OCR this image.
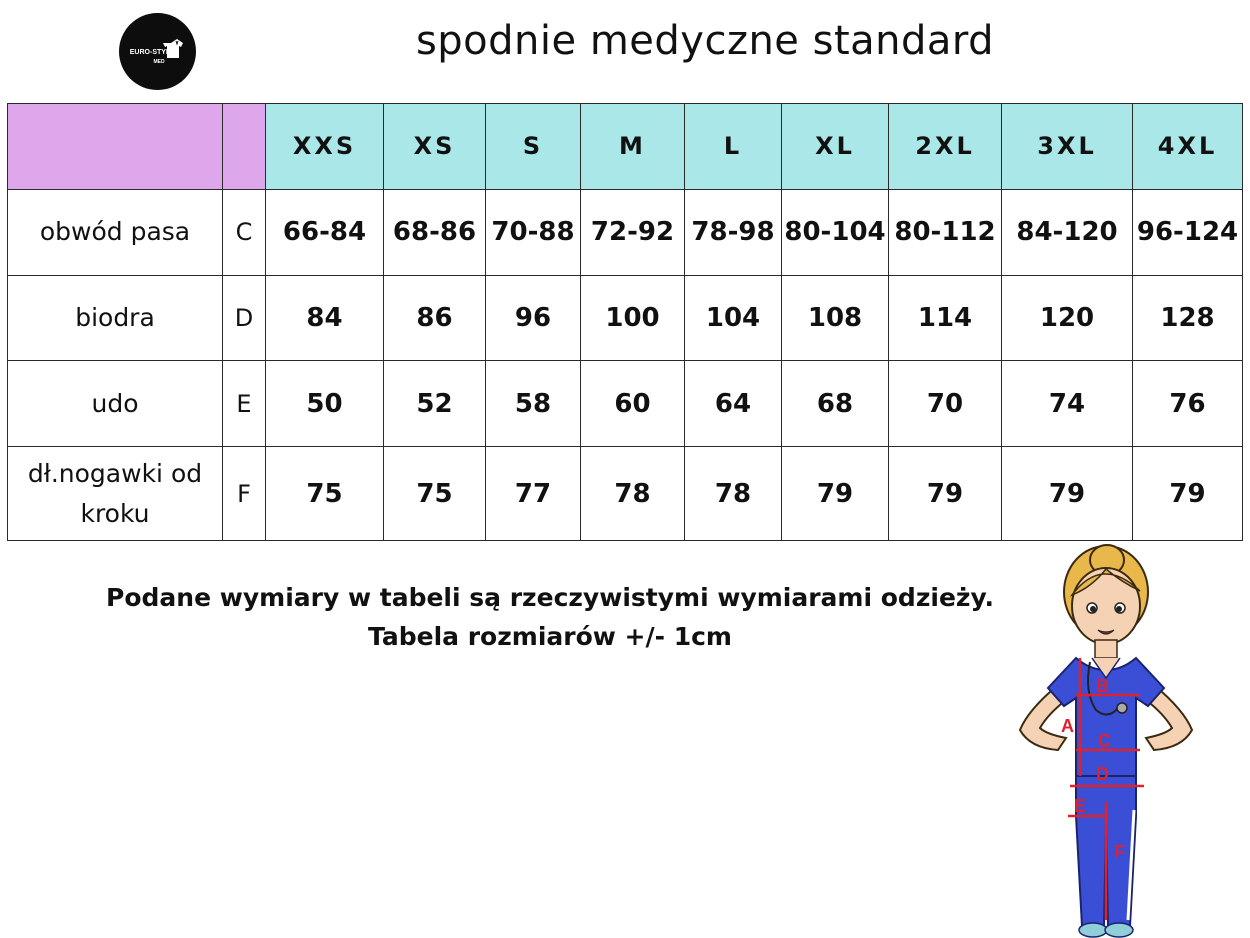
EURO-STYL
MED	spodnie medyczne standard
		XXS	XS	S	M	L	XL	2XL	3XL	4XL
obwód pasa	C	66-84	68-86	70-88	72-92	78-98	80-104	80-112	84-120	96-124
biodra	D	84	86	96	100	104	108	114	120	128
udo	E	50	52	58	60	64	68	70	74	76
dł.nogawki od kroku	F	75	75	77	78	78	79	79	79	79
Podane wymiary w tabeli są rzeczywistymi wymiarami odzieży.
Tabela rozmiarów +/- 1cm
A
B
C
D
E
F
